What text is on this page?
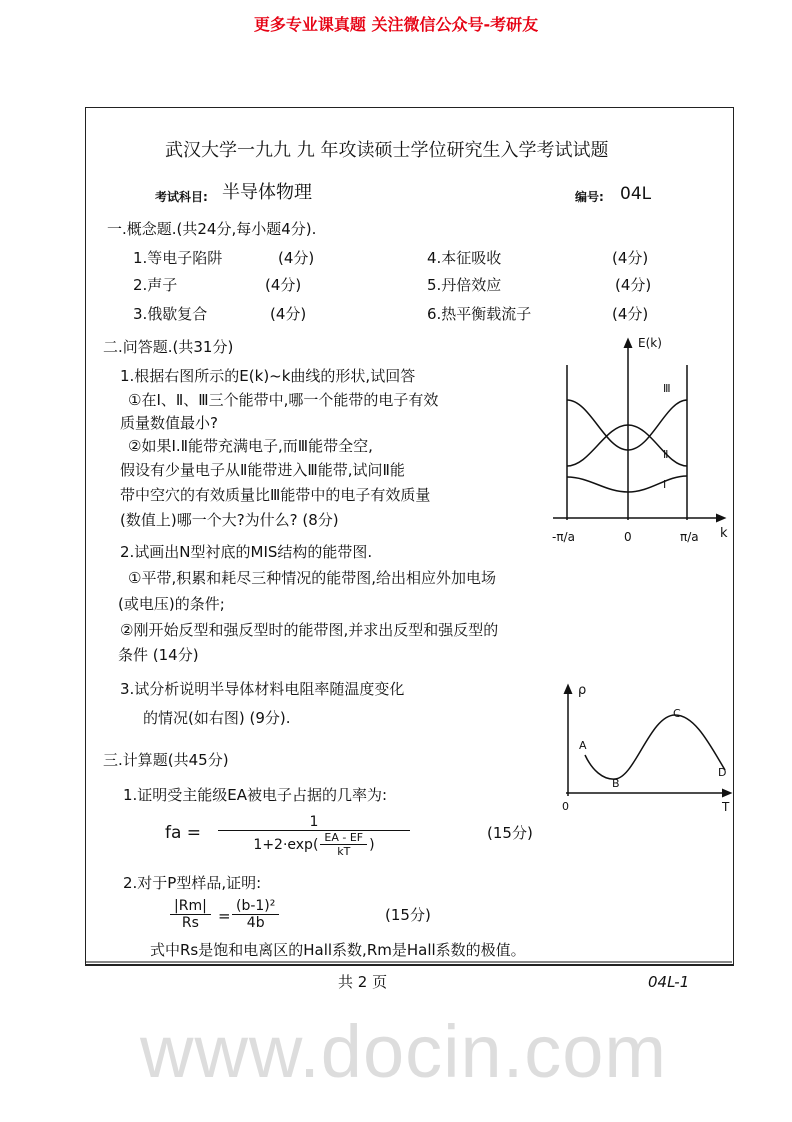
更多专业课真题 关注微信公众号-考研友
www.docin.com
武汉大学一九九 九 年攻读硕士学位研究生入学考试试题
考试科目: 半导体物理	编号: 04L
一.概念题.(共24分,每小题4分).
1.等电子陷阱	(4分)
2.声子	(4分)
3.俄歇复合	(4分)
4.本征吸收	(4分)
5.丹倍效应	(4分)
6.热平衡载流子	(4分)
二.问答题.(共31分)
1.根据右图所示的E(k)~k曲线的形状,试回答
①在Ⅰ、Ⅱ、Ⅲ三个能带中,哪一个能带的电子有效
质量数值最小?
②如果Ⅰ.Ⅱ能带充满电子,而Ⅲ能带全空,
假设有少量电子从Ⅱ能带进入Ⅲ能带,试问Ⅱ能
带中空穴的有效质量比Ⅲ能带中的电子有效质量
(数值上)哪一个大?为什么? (8分)
2.试画出N型衬底的MIS结构的能带图.
①平带,积累和耗尽三种情况的能带图,给出相应外加电场
(或电压)的条件;
②刚开始反型和强反型时的能带图,并求出反型和强反型的
条件 (14分)
3.试分析说明半导体材料电阻率随温度变化
的情况(如右图) (9分).
E(k)
k
-π/a	0	π/a
Ⅲ
Ⅱ
Ⅰ
ρ
T
0
A
B
C
D
三.计算题(共45分)
1.证明受主能级EA被电子占据的几率为:
fa =
1
$1+2\cdot\exp( \frac{EA - EF}{kT}$ )
(15分)
2.对于P型样品,证明:
$\frac{|Rm|}{Rs} = \frac{\text{(b-1)²}}{4b}$	(15分)
式中Rs是饱和电离区的Hall系数,Rm是Hall系数的极值。
共 2 页	04L-1
